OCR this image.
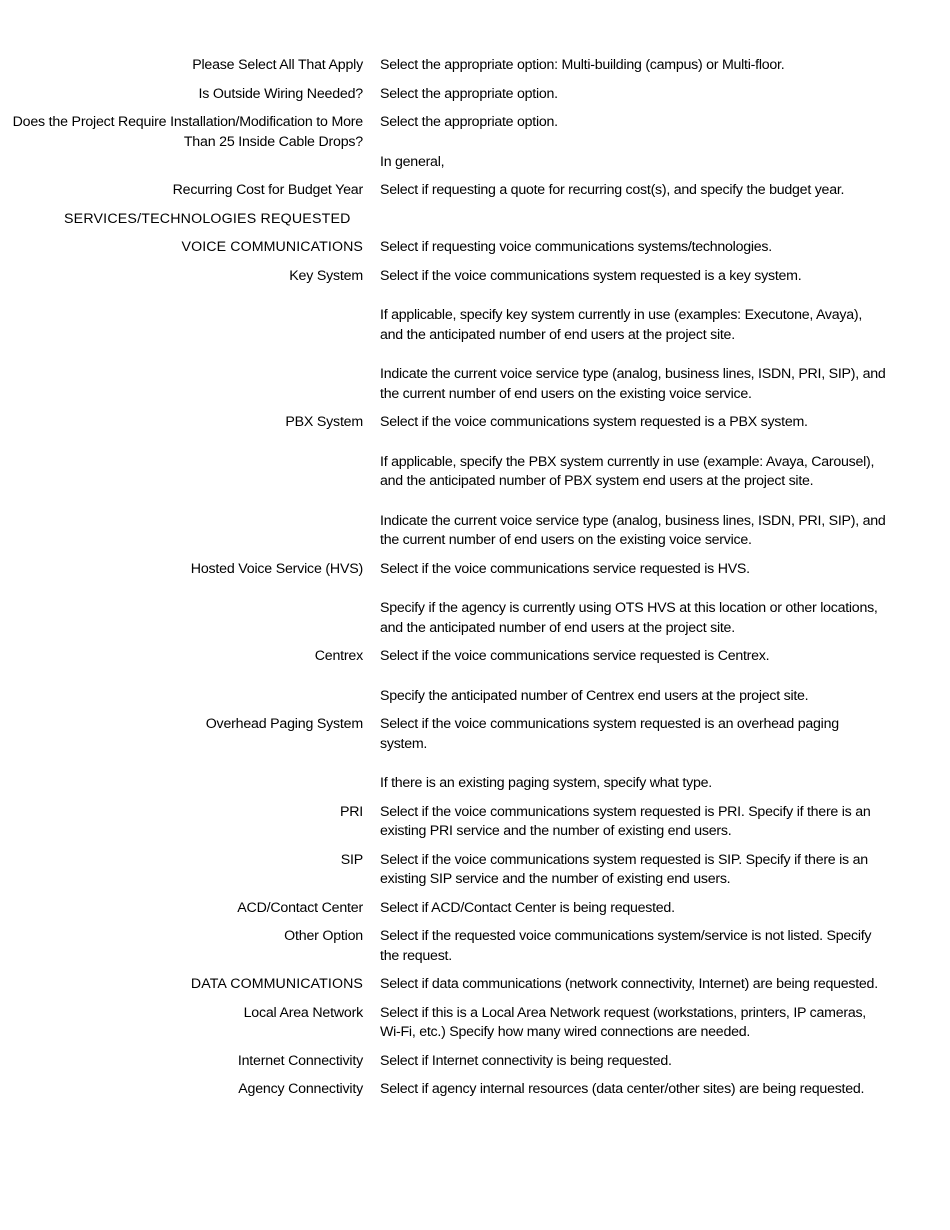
Please Select All That Apply Select the appropriate option: Multi-building (campus) or Multi-floor.

Is Outside Wiring Needed? Select the appropriate option.

Does the Project Require Installation/Modification to More Than 25 Inside Cable Drops?

Select the appropriate option.

In general,

Recurring Cost for Budget Year Select if requesting a quote for recurring cost(s), and specify the budget year.

SERVICES/TECHNOLOGIES REQUESTED
VOICE COMMUNICATIONS Select if requesting voice communications systems/technologies.

Key System Select if the voice communications system requested is a key system.

If applicable, specify key system currently in use (examples: Executone, Avaya), and the anticipated number of end users at the project site.

Indicate the current voice service type (analog, business lines, ISDN, PRI, SIP), and the current number of end users on the existing voice service.

PBX System Select if the voice communications system requested is a PBX system.

If applicable, specify the PBX system currently in use (example: Avaya, Carousel), and the anticipated number of PBX system end users at the project site.

Indicate the current voice service type (analog, business lines, ISDN, PRI, SIP), and the current number of end users on the existing voice service.

Hosted Voice Service (HVS) Select if the voice communications service requested is HVS.

Specify if the agency is currently using OTS HVS at this location or other locations, and the anticipated number of end users at the project site.

Centrex Select if the voice communications service requested is Centrex.

Specify the anticipated number of Centrex end users at the project site.

Overhead Paging System Select if the voice communications system requested is an overhead paging system.

If there is an existing paging system, specify what type.

PRI Select if the voice communications system requested is PRI. Specify if there is an existing PRI service and the number of existing end users.

SIP Select if the voice communications system requested is SIP. Specify if there is an existing SIP service and the number of existing end users.

ACD/Contact Center Select if ACD/Contact Center is being requested.

Other Option Select if the requested voice communications system/service is not listed. Specify the request.

DATA COMMUNICATIONS Select if data communications (network connectivity, Internet) are being requested.

Local Area Network Select if this is a Local Area Network request (workstations, printers, IP cameras, Wi-Fi, etc.) Specify how many wired connections are needed.

Internet Connectivity Select if Internet connectivity is being requested.

Agency Connectivity Select if agency internal resources (data center/other sites) are being requested.
